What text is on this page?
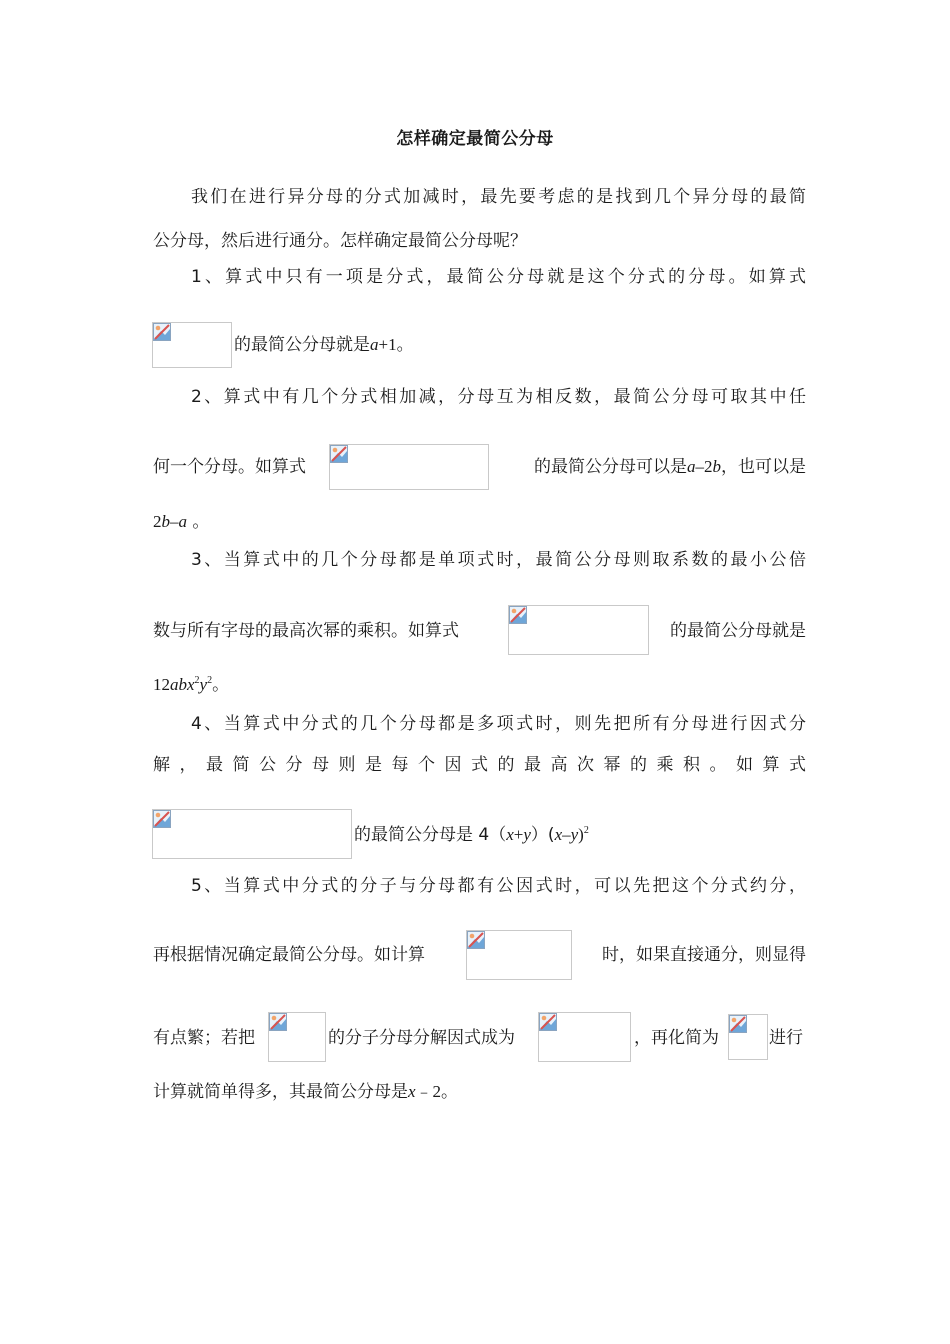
怎样确定最简公分母
我们在进行异分母的分式加减时，最先要考虑的是找到几个异分母的最简
公分母，然后进行通分。怎样确定最简公分母呢？
1、算式中只有一项是分式，最简公分母就是这个分式的分母。如算式
的最简公分母就是a+1。
2、算式中有几个分式相加减，分母互为相反数，最简公分母可取其中任
何一个分母。如算式	的最简公分母可以是a–2b，也可以是
2b–a 。
3、当算式中的几个分母都是单项式时，最简公分母则取系数的最小公倍
数与所有字母的最高次幂的乘积。如算式	的最简公分母就是
$12abx^2y^2$。
4、当算式中分式的几个分母都是多项式时，则先把所有分母进行因式分
解，最简公分母则是每个因式的最高次幂的乘积。如算式
的最简公分母是 $4(x+y)(x-y)^2$
5、当算式中分式的分子与分母都有公因式时，可以先把这个分式约分，
再根据情况确定最简公分母。如计算	时，如果直接通分，则显得
有点繁；若把	的分子分母分解因式成为	，再化简为	进行
计算就简单得多，其最简公分母是x﹣2。
